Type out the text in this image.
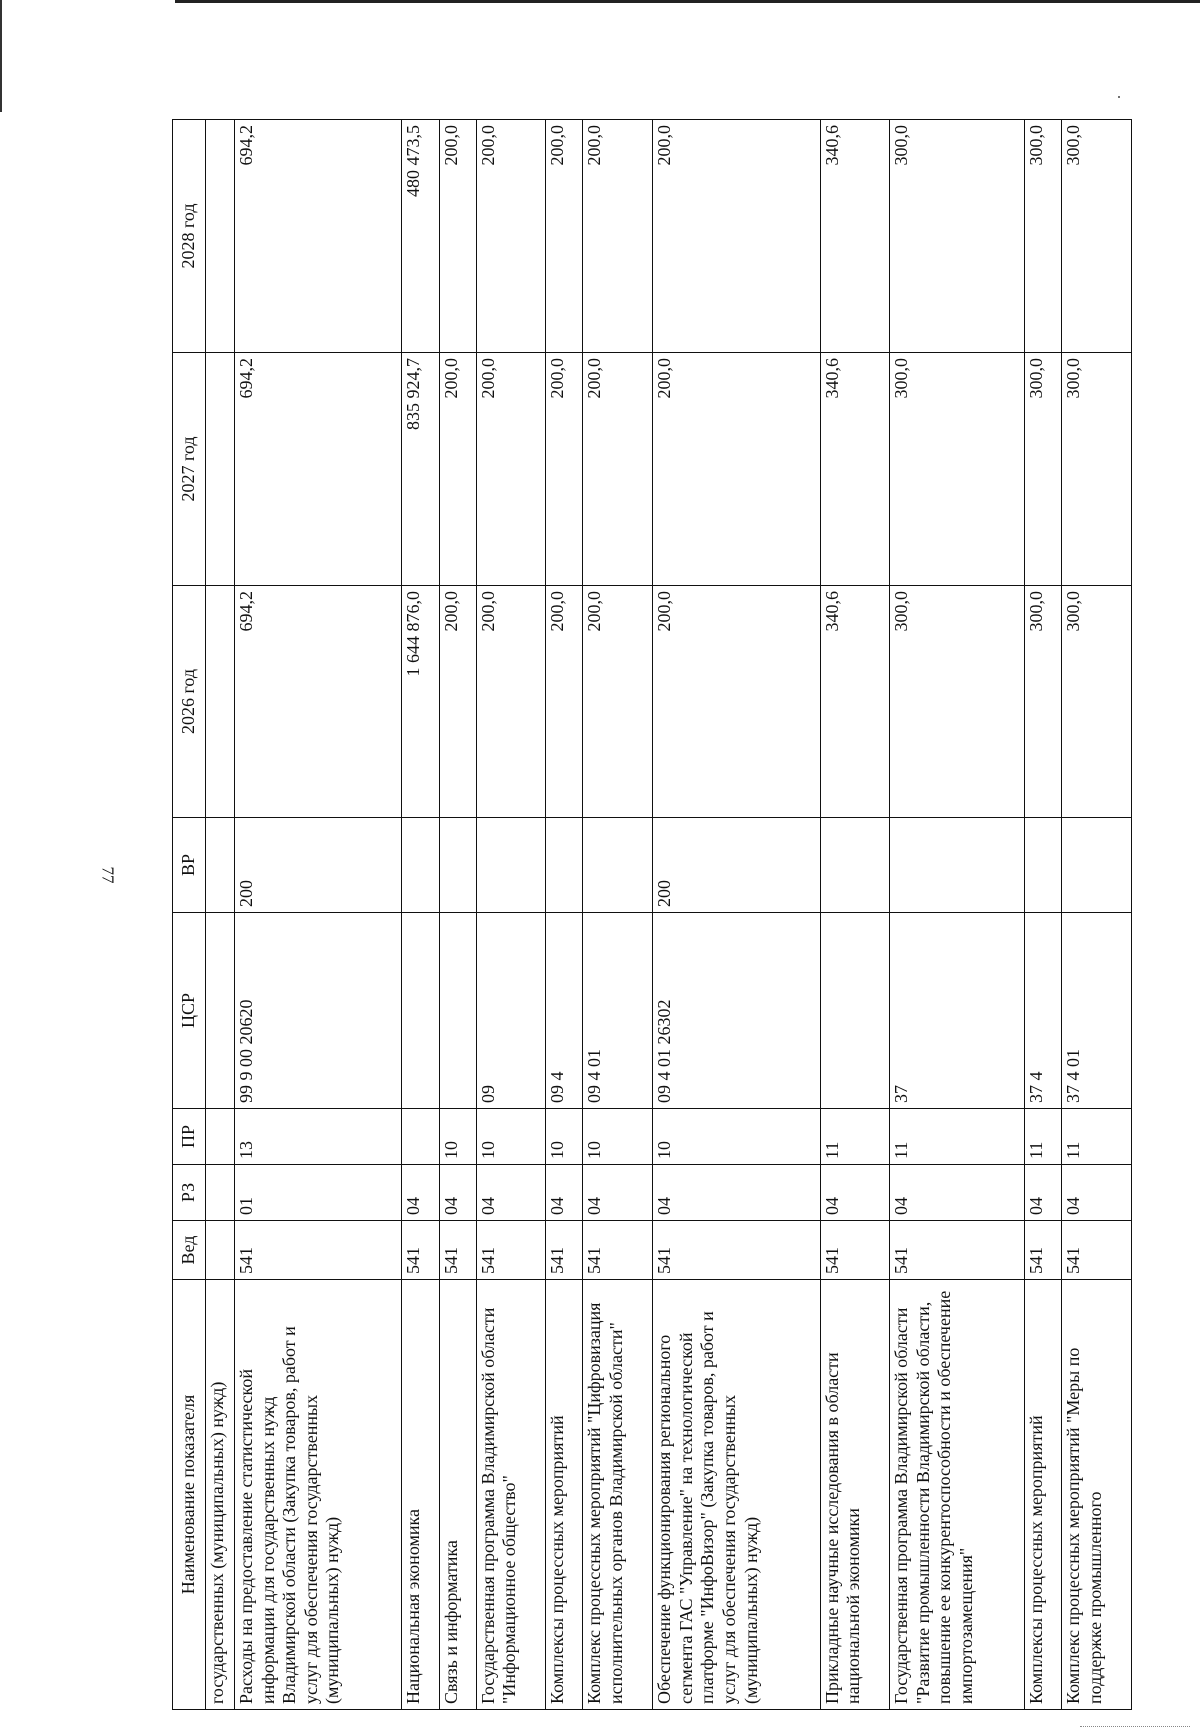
77
Наименование показателя	Вед	РЗ	ПР	ЦСР	ВР	2026 год	2027 год	2028 год
государственных (муниципальных) нужд)								
Расходы на предоставление статистической информации для государственных нужд Владимирской области (Закупка товаров, работ и услуг для обеспечения государственных (муниципальных) нужд)	541	01	13	99 9 00 20620	200	694,2	694,2	694,2
Национальная экономика	541	04				1 644 876,0	835 924,7	480 473,5
Связь и информатика	541	04	10			200,0	200,0	200,0
Государственная программа Владимирской области "Информационное общество"	541	04	10	09		200,0	200,0	200,0
Комплексы процессных мероприятий	541	04	10	09 4		200,0	200,0	200,0
Комплекс процессных мероприятий "Цифровизация исполнительных органов Владимирской области"	541	04	10	09 4 01		200,0	200,0	200,0
Обеспечение функционирования регионального сегмента ГАС "Управление" на технологической платформе "ИнфоВизор" (Закупка товаров, работ и услуг для обеспечения государственных (муниципальных) нужд)	541	04	10	09 4 01 26302	200	200,0	200,0	200,0
Прикладные научные исследования в области национальной экономики	541	04	11			340,6	340,6	340,6
Государственная программа Владимирской области "Развитие промышленности Владимирской области, повышение ее конкурентоспособности и обеспечение импортозамещения"	541	04	11	37		300,0	300,0	300,0
Комплексы процессных мероприятий	541	04	11	37 4		300,0	300,0	300,0
Комплекс процессных мероприятий "Меры по поддержке промышленного	541	04	11	37 4 01		300,0	300,0	300,0
